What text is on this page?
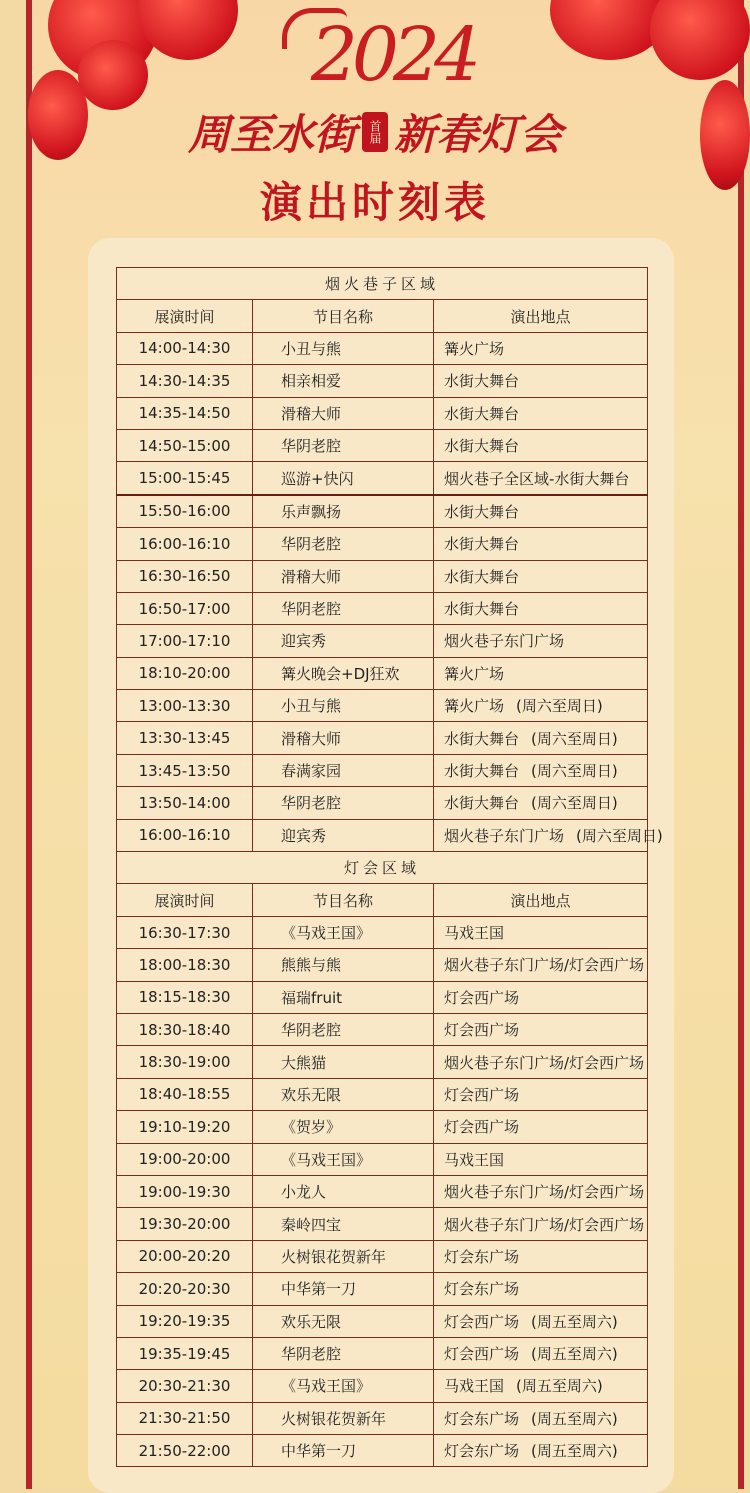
2024
周至水街	首届 新春灯会
演出时刻表
烟火巷子区域		
展演时间	节目名称	演出地点
14:00-14:30	小丑与熊	篝火广场
14:30-14:35	相亲相爱	水街大舞台
14:35-14:50	滑稽大师	水街大舞台
14:50-15:00	华阴老腔	水街大舞台
15:00-15:45	巡游+快闪	烟火巷子全区域-水街大舞台
15:50-16:00	乐声飘扬	水街大舞台
16:00-16:10	华阴老腔	水街大舞台
16:30-16:50	滑稽大师	水街大舞台
16:50-17:00	华阴老腔	水街大舞台
17:00-17:10	迎宾秀	烟火巷子东门广场
18:10-20:00	篝火晚会+DJ狂欢	篝火广场
13:00-13:30	小丑与熊	篝火广场 (周六至周日)
13:30-13:45	滑稽大师	水街大舞台 (周六至周日)
13:45-13:50	春满家园	水街大舞台 (周六至周日)
13:50-14:00	华阴老腔	水街大舞台 (周六至周日)
16:00-16:10	迎宾秀	烟火巷子东门广场 (周六至周日)
灯会区域		
展演时间	节目名称	演出地点
16:30-17:30	《马戏王国》	马戏王国
18:00-18:30	熊熊与熊	烟火巷子东门广场/灯会西广场
18:15-18:30	福瑞fruit	灯会西广场
18:30-18:40	华阴老腔	灯会西广场
18:30-19:00	大熊猫	烟火巷子东门广场/灯会西广场
18:40-18:55	欢乐无限	灯会西广场
19:10-19:20	《贺岁》	灯会西广场
19:00-20:00	《马戏王国》	马戏王国
19:00-19:30	小龙人	烟火巷子东门广场/灯会西广场
19:30-20:00	秦岭四宝	烟火巷子东门广场/灯会西广场
20:00-20:20	火树银花贺新年	灯会东广场
20:20-20:30	中华第一刀	灯会东广场
19:20-19:35	欢乐无限	灯会西广场 (周五至周六)
19:35-19:45	华阴老腔	灯会西广场 (周五至周六)
20:30-21:30	《马戏王国》	马戏王国 (周五至周六)
21:30-21:50	火树银花贺新年	灯会东广场 (周五至周六)
21:50-22:00	中华第一刀	灯会东广场 (周五至周六)
